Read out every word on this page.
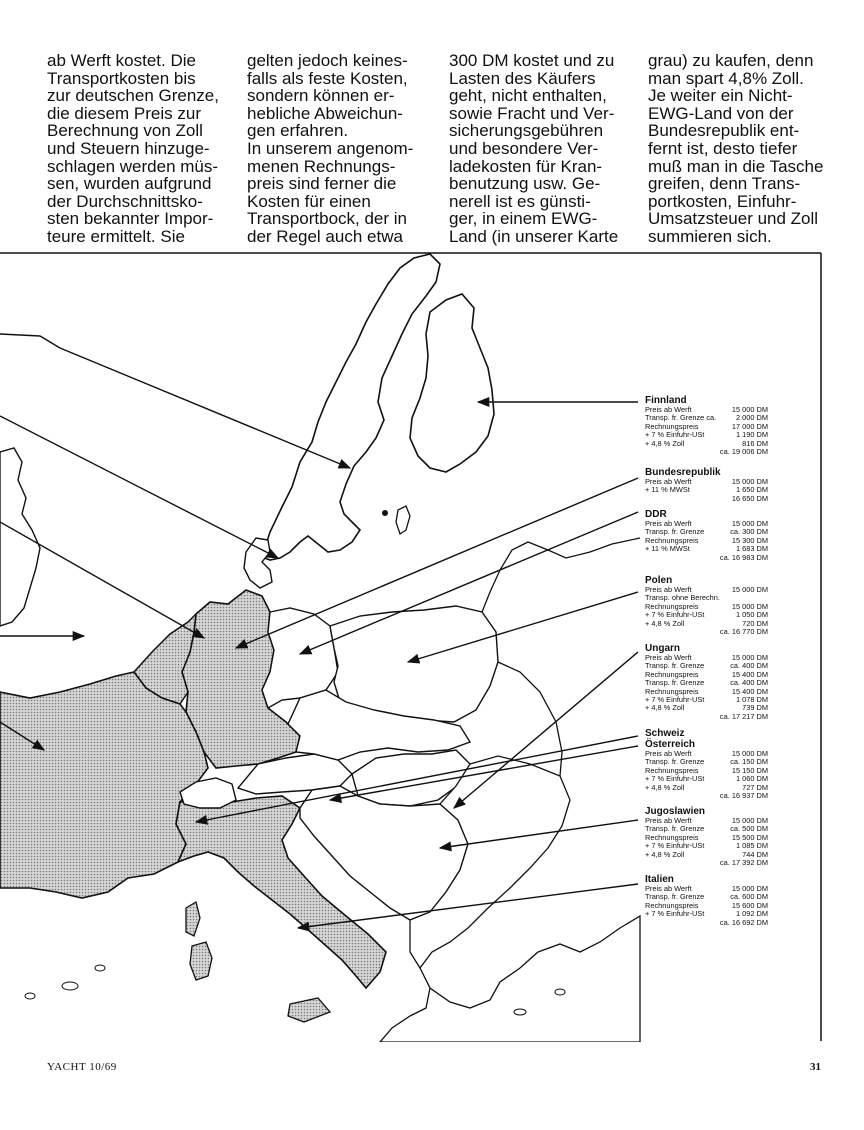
ab Werft kostet. Die
Transportkosten bis
zur deutschen Grenze,
die diesem Preis zur
Berechnung von Zoll
und Steuern hinzuge-
schlagen werden müs-
sen, wurden aufgrund
der Durchschnittsko-
sten bekannter Impor-
teure ermittelt. Sie

gelten jedoch keines-
falls als feste Kosten,
sondern können er-
hebliche Abweichun-
gen erfahren.
In unserem angenom-
menen Rechnungs-
preis sind ferner die
Kosten für einen
Transportbock, der in
der Regel auch etwa

300 DM kostet und zu
Lasten des Käufers
geht, nicht enthalten,
sowie Fracht und Ver-
sicherungsgebühren
und besondere Ver-
ladekosten für Kran-
benutzung usw. Ge-
nerell ist es günsti-
ger, in einem EWG-
Land (in unserer Karte

grau) zu kaufen, denn
man spart 4,8% Zoll.
Je weiter ein Nicht-
EWG-Land von der
Bundesrepublik ent-
fernt ist, desto tiefer
muß man in die Tasche
greifen, denn Trans-
portkosten, Einfuhr-
Umsatzsteuer und Zoll
summieren sich.

Finnland
Preis ab Werft	15 000 DM
Transp. fr. Grenze ca.	2 000 DM
Rechnungspreis	17 000 DM
+ 7 % Einfuhr-USt	1 190 DM
+ 4,8 % Zoll	816 DM
ca. 19 006 DM
Bundesrepublik
Preis ab Werft	15 000 DM
+ 11 % MWSt	1 650 DM
16 650 DM
DDR
Preis ab Werft	15 000 DM
Transp. fr. Grenze	ca. 300 DM
Rechnungspreis	15 300 DM
+ 11 % MWSt	1 683 DM
ca. 16 983 DM
Polen
Preis ab Werft	15 000 DM
Transp. ohne Berechn.
Rechnungspreis	15 000 DM
+ 7 % Einfuhr-USt	1 050 DM
+ 4,8 % Zoll	720 DM
ca. 16 770 DM
Ungarn
Preis ab Werft	15 000 DM
Transp. fr. Grenze	ca. 400 DM
Rechnungspreis	15 400 DM
Transp. fr. Grenze	ca. 400 DM
Rechnungspreis	15 400 DM
+ 7 % Einfuhr-USt	1 078 DM
+ 4,8 % Zoll	739 DM
ca. 17 217 DM
Schweiz
Österreich
Preis ab Werft	15 000 DM
Transp. fr. Grenze	ca. 150 DM
Rechnungspreis	15 150 DM
+ 7 % Einfuhr-USt	1 060 DM
+ 4,8 % Zoll	727 DM
ca. 16 937 DM
Jugoslawien
Preis ab Werft	15 000 DM
Transp. fr. Grenze	ca. 500 DM
Rechnungspreis	15 500 DM
+ 7 % Einfuhr-USt	1 085 DM
+ 4,8 % Zoll	744 DM
ca. 17 392 DM
Italien
Preis ab Werft	15 000 DM
Transp. fr. Grenze	ca. 600 DM
Rechnungspreis	15 600 DM
+ 7 % Einfuhr-USt	1 092 DM
ca. 16 692 DM
YACHT 10/69	31
